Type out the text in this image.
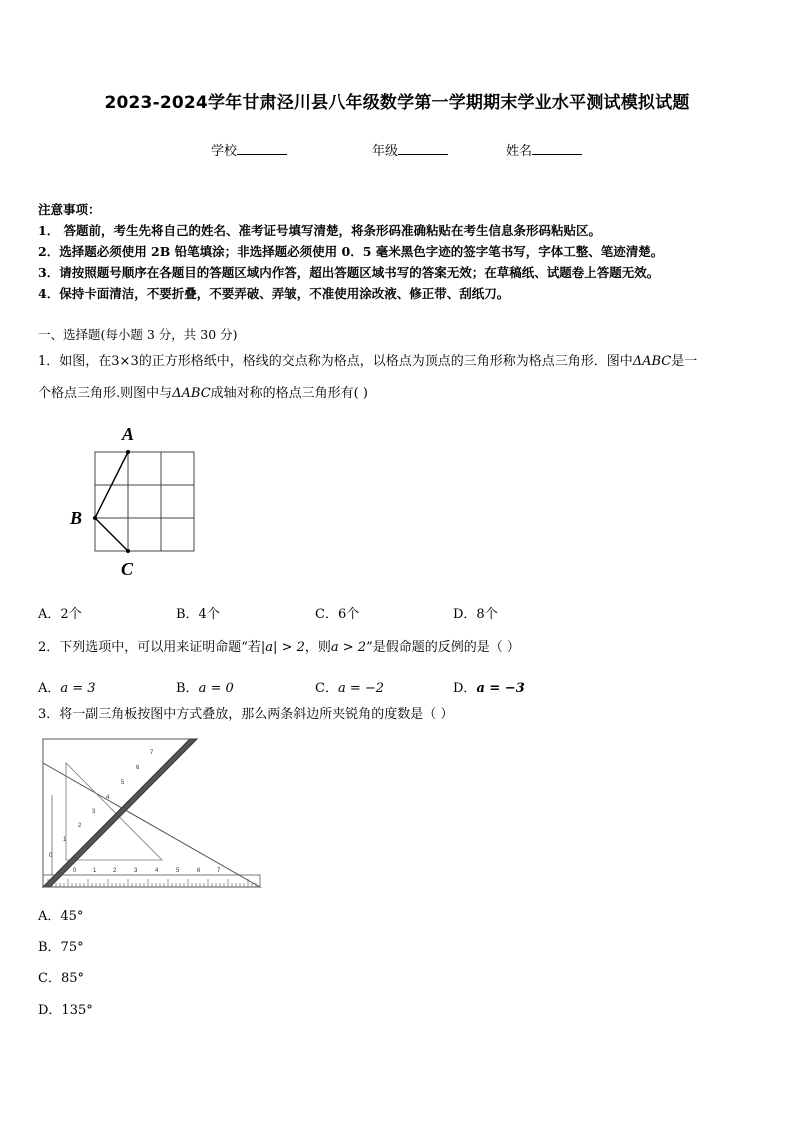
2023-2024学年甘肃泾川县八年级数学第一学期期末学业水平测试模拟试题
学校	年级	姓名
注意事项：
1． 答题前，考生先将自己的姓名、准考证号填写清楚，将条形码准确粘贴在考生信息条形码粘贴区。
2．选择题必须使用 2B 铅笔填涂；非选择题必须使用 0．5 毫米黑色字迹的签字笔书写，字体工整、笔迹清楚。
3．请按照题号顺序在各题目的答题区域内作答，超出答题区域书写的答案无效；在草稿纸、试题卷上答题无效。
4．保持卡面清洁，不要折叠，不要弄破、弄皱，不准使用涂改液、修正带、刮纸刀。
一、选择题(每小题 3 分，共 30 分)
1．如图，在3×3的正方形格纸中，格线的交点称为格点，以格点为顶点的三角形称为格点三角形．图中ΔABC是一
个格点三角形.则图中与ΔABC成轴对称的格点三角形有( )
A
B
C
A．2个	B．4个	C．6个	D．8个
2．下列选项中，可以用来证明命题“若|a| > 2，则a > 2”是假命题的反例的是（ ）
A．a = 3	B．a = 0	C．a = −2	D．a = −3
3．将一副三角板按图中方式叠放，那么两条斜边所夹锐角的度数是（ ）
0	1	2	3	4	5	6	7
0
1
2
3
4
5
6
7
A．45°
B．75°
C．85°
D．135°
